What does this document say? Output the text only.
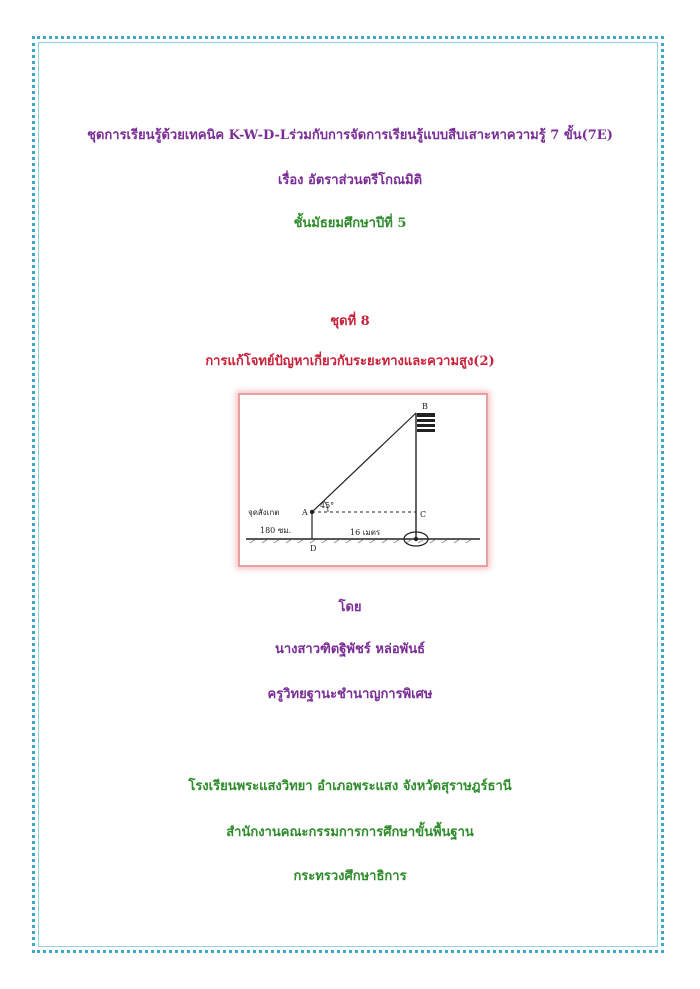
ชุดการเรียนรู้ด้วยเทคนิค K-W-D-Lร่วมกับการจัดการเรียนรู้แบบสืบเสาะหาความรู้ 7 ขั้น(7E)
เรื่อง อัตราส่วนตรีโกณมิติ
ชั้นมัธยมศึกษาปีที่ 5
ชุดที่ 8
การแก้โจทย์ปัญหาเกี่ยวกับระยะทางและความสูง(2)
B
A	C
D
45°
จุดสังเกต
180 ซม.	16 เมตร
โดย
นางสาวฑิตฐิพัชร์ หล่อพันธ์
ครูวิทยฐานะชำนาญการพิเศษ
โรงเรียนพระแสงวิทยา อำเภอพระแสง จังหวัดสุราษฎร์ธานี
สำนักงานคณะกรรมการการศึกษาขั้นพื้นฐาน
กระทรวงศึกษาธิการ
